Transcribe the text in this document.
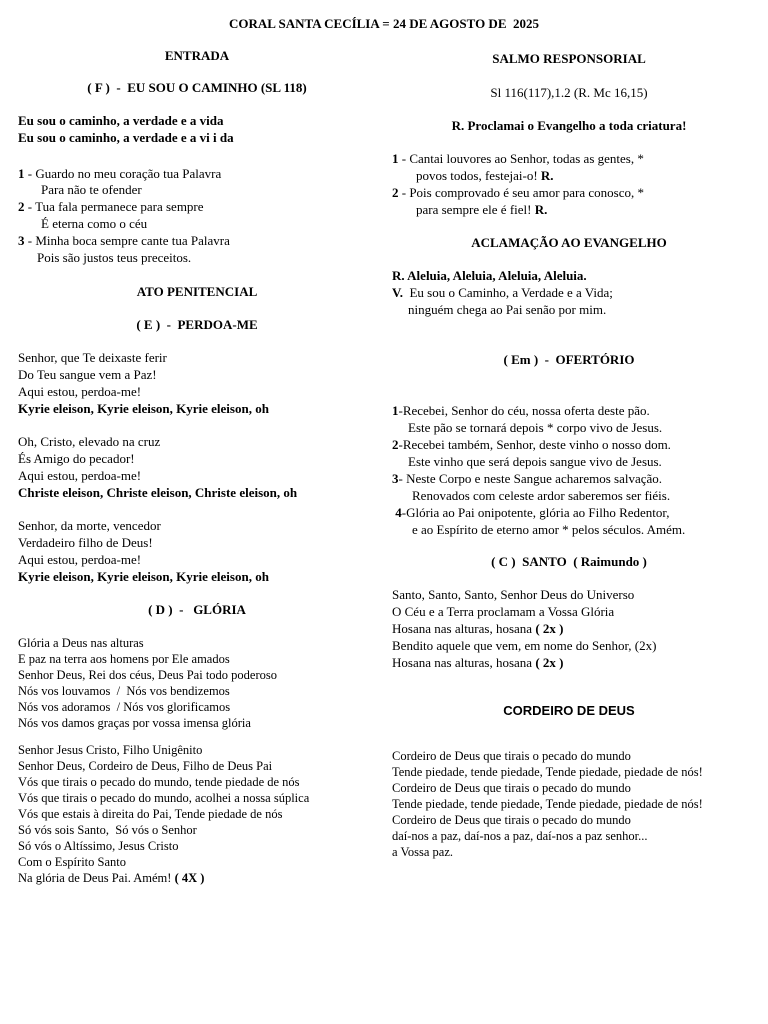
CORAL SANTA CECÍLIA = 24 DE AGOSTO DE  2025
ENTRADA
( F )  -  EU SOU O CAMINHO (SL 118)
Eu sou o caminho, a verdade e a vida
Eu sou o caminho, a verdade e a vi i da
1 - Guardo no meu coração tua Palavra
Para não te ofender
2 - Tua fala permanece para sempre
É eterna como o céu
3 - Minha boca sempre cante tua Palavra
Pois são justos teus preceitos.
ATO PENITENCIAL
( E )  -  PERDOA-ME
Senhor, que Te deixaste ferir
Do Teu sangue vem a Paz!
Aqui estou, perdoa-me!
Kyrie eleison, Kyrie eleison, Kyrie eleison, oh
Oh, Cristo, elevado na cruz
És Amigo do pecador!
Aqui estou, perdoa-me!
Christe eleison, Christe eleison, Christe eleison, oh
Senhor, da morte, vencedor
Verdadeiro filho de Deus!
Aqui estou, perdoa-me!
Kyrie eleison, Kyrie eleison, Kyrie eleison, oh
( D )  -   GLÓRIA
Glória a Deus nas alturas
E paz na terra aos homens por Ele amados
Senhor Deus, Rei dos céus, Deus Pai todo poderoso
Nós vos louvamos  /  Nós vos bendizemos
Nós vos adoramos  / Nós vos glorificamos
Nós vos damos graças por vossa imensa glória
Senhor Jesus Cristo, Filho Unigênito
Senhor Deus, Cordeiro de Deus, Filho de Deus Pai
Vós que tirais o pecado do mundo, tende piedade de nós
Vós que tirais o pecado do mundo, acolhei a nossa súplica
Vós que estais à direita do Pai, Tende piedade de nós
Só vós sois Santo,  Só vós o Senhor
Só vós o Altíssimo, Jesus Cristo
Com o Espírito Santo
Na glória de Deus Pai. Amém! ( 4X )
SALMO RESPONSORIAL
Sl 116(117),1.2 (R. Mc 16,15)
R. Proclamai o Evangelho a toda criatura!
1 - Cantai louvores ao Senhor, todas as gentes, *
povos todos, festejai-o! R.
2 - Pois comprovado é seu amor para conosco, *
para sempre ele é fiel! R.
ACLAMAÇÃO AO EVANGELHO
R. Aleluia, Aleluia, Aleluia, Aleluia.
V.  Eu sou o Caminho, a Verdade e a Vida;
ninguém chega ao Pai senão por mim.
( Em )  -  OFERTÓRIO
1-Recebei, Senhor do céu, nossa oferta deste pão.
Este pão se tornará depois * corpo vivo de Jesus.
2-Recebei também, Senhor, deste vinho o nosso dom.
Este vinho que será depois sangue vivo de Jesus.
3- Neste Corpo e neste Sangue acharemos salvação.
Renovados com celeste ardor saberemos ser fiéis.
4-Glória ao Pai onipotente, glória ao Filho Redentor,
e ao Espírito de eterno amor * pelos séculos. Amém.
( C )  SANTO  ( Raimundo )
Santo, Santo, Santo, Senhor Deus do Universo
O Céu e a Terra proclamam a Vossa Glória
Hosana nas alturas, hosana ( 2x )
Bendito aquele que vem, em nome do Senhor, (2x)
Hosana nas alturas, hosana ( 2x )
CORDEIRO DE DEUS
Cordeiro de Deus que tirais o pecado do mundo
Tende piedade, tende piedade, Tende piedade, piedade de nós!
Cordeiro de Deus que tirais o pecado do mundo
Tende piedade, tende piedade, Tende piedade, piedade de nós!
Cordeiro de Deus que tirais o pecado do mundo
daí-nos a paz, daí-nos a paz, daí-nos a paz senhor...
a Vossa paz.
